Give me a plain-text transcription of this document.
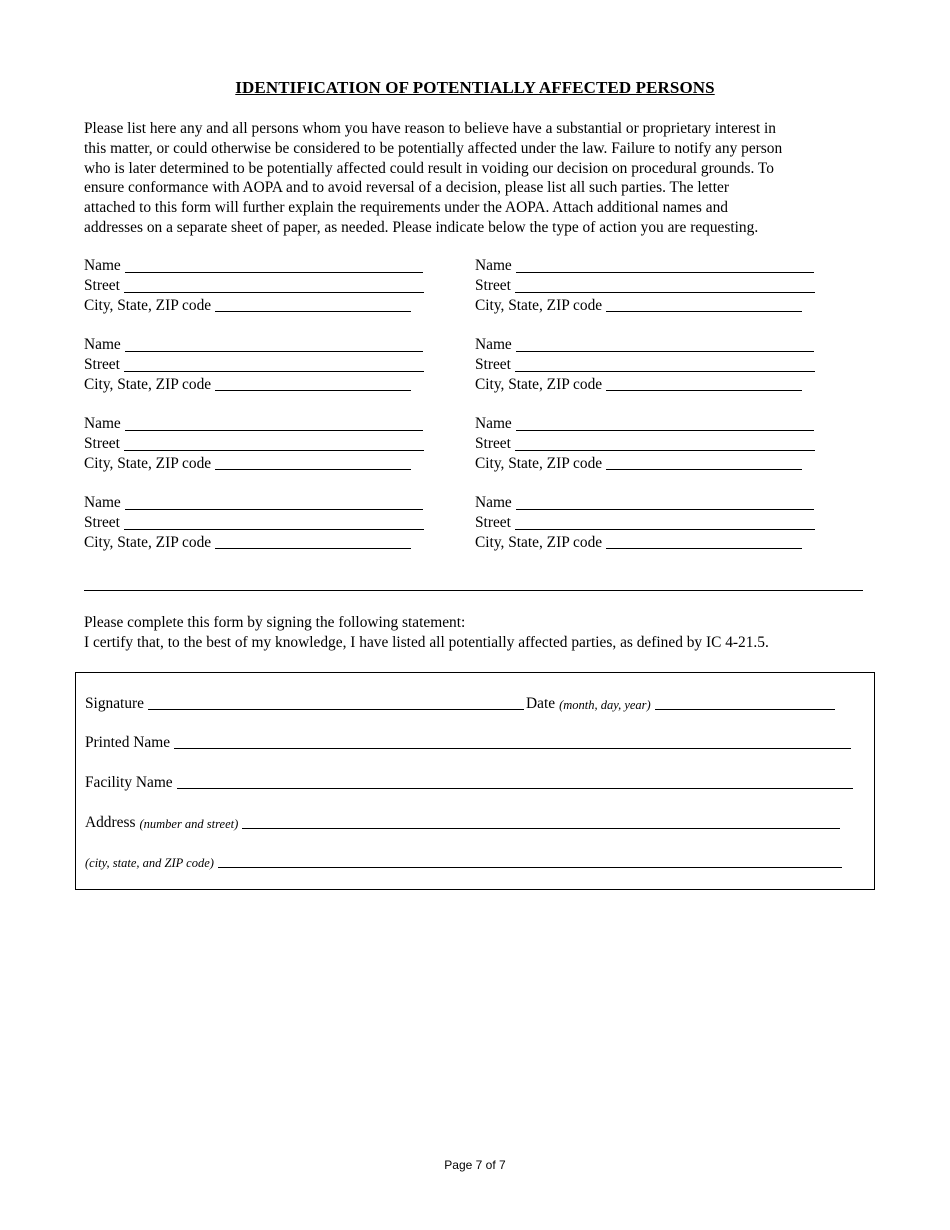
IDENTIFICATION OF POTENTIALLY AFFECTED PERSONS

Please list here any and all persons whom you have reason to believe have a substantial or proprietary interest in
this matter, or could otherwise be considered to be potentially affected under the law. Failure to notify any person
who is later determined to be potentially affected could result in voiding our decision on procedural grounds. To
ensure conformance with AOPA and to avoid reversal of a decision, please list all such parties. The letter
attached to this form will further explain the requirements under the AOPA. Attach additional names and
addresses on a separate sheet of paper, as needed. Please indicate below the type of action you are requesting.

Name
Street
City, State, ZIP code
Name
Street
City, State, ZIP code
Name
Street
City, State, ZIP code
Name
Street
City, State, ZIP code
Name
Street
City, State, ZIP code
Name
Street
City, State, ZIP code
Name
Street
City, State, ZIP code
Name
Street
City, State, ZIP code
Please complete this form by signing the following statement:
I certify that, to the best of my knowledge, I have listed all potentially affected parties, as defined by IC 4-21.5.
Signature	Date (month, day, year)
Printed Name
Facility Name
Address (number and street)
(city, state, and ZIP code)
Page 7 of 7
